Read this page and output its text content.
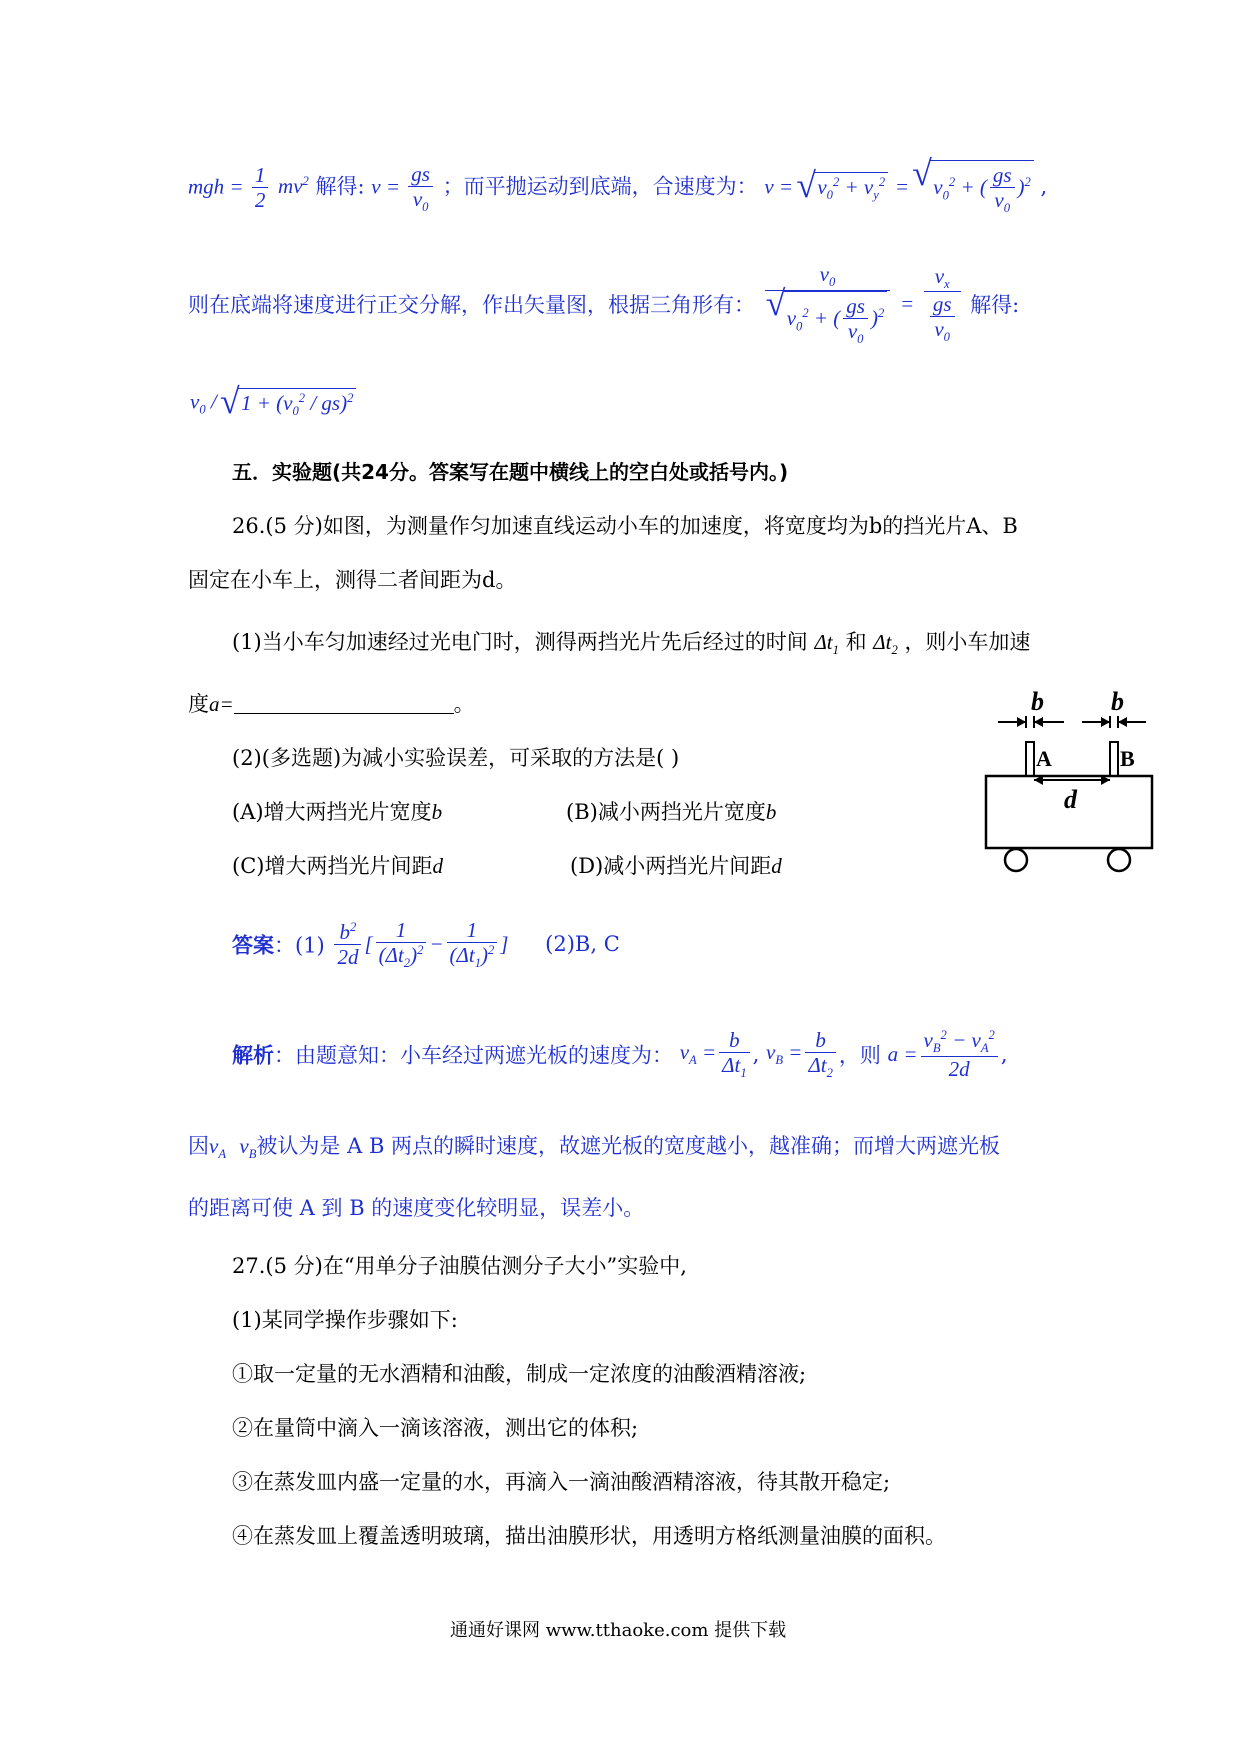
mgh = $\frac{1}{2} mv^2$ 解得: $v = \frac{gs}{v_0}$ ；而平抛运动到底端，合速度为： v = √ $v_0^2 + v_y^2$ = √ $v_0^2$ + ( $\frac{gs}{v_0} )^2$ ,
则在底端将速度进行正交分解，作出矢量图，根据三角形有： $v_0$
√ $v_0^2$ + ( $\frac{gs}{v_0} )^2 = \frac{v_x}{\frac{gs}{v_0}}$ 解得:
$v_0$ / √ $1 + (v_0^2 / gs)^2$
五．实验题(共24分。答案写在题中横线上的空白处或括号内。)
26.(5 分)如图，为测量作匀加速直线运动小车的加速度，将宽度均为b的挡光片A、B
固定在小车上，测得二者间距为d。
(1)当小车匀加速经过光电门时，测得两挡光片先后经过的时间 $\Delta t_1$ 和 $\Delta t_2$ ，则小车加速
度a=	。
(2)(多选题)为减小实验误差，可采取的方法是( )
(A)增大两挡光片宽度b	(B)减小两挡光片宽度b
(C)增大两挡光片间距d	(D)减小两挡光片间距d
b	b
A	B
d
答案：$(1) \frac{b^2}{2d}$ [ $\frac{1}{(\Delta t_2)^2} - \frac{1}{(\Delta t_1)^2}$ ] (2)B, C
解析：由题意知：小车经过两遮光板的速度为： $v_A = \frac{b}{\Delta t_1}$ , $v_B = \frac{b}{\Delta t_2}$ ，则 $a = \frac{v_B^2 - v_A^2}{2d}$ ,
因$v_A$ $v_B$被认为是 A B 两点的瞬时速度，故遮光板的宽度越小，越准确；而增大两遮光板
的距离可使 A 到 B 的速度变化较明显，误差小。
27.(5 分)在“用单分子油膜估测分子大小”实验中,
(1)某同学操作步骤如下:
①取一定量的无水酒精和油酸，制成一定浓度的油酸酒精溶液;
②在量筒中滴入一滴该溶液，测出它的体积;
③在蒸发皿内盛一定量的水，再滴入一滴油酸酒精溶液，待其散开稳定;
④在蒸发皿上覆盖透明玻璃，描出油膜形状，用透明方格纸测量油膜的面积。
通通好课网 www.tthaoke.com 提供下载
